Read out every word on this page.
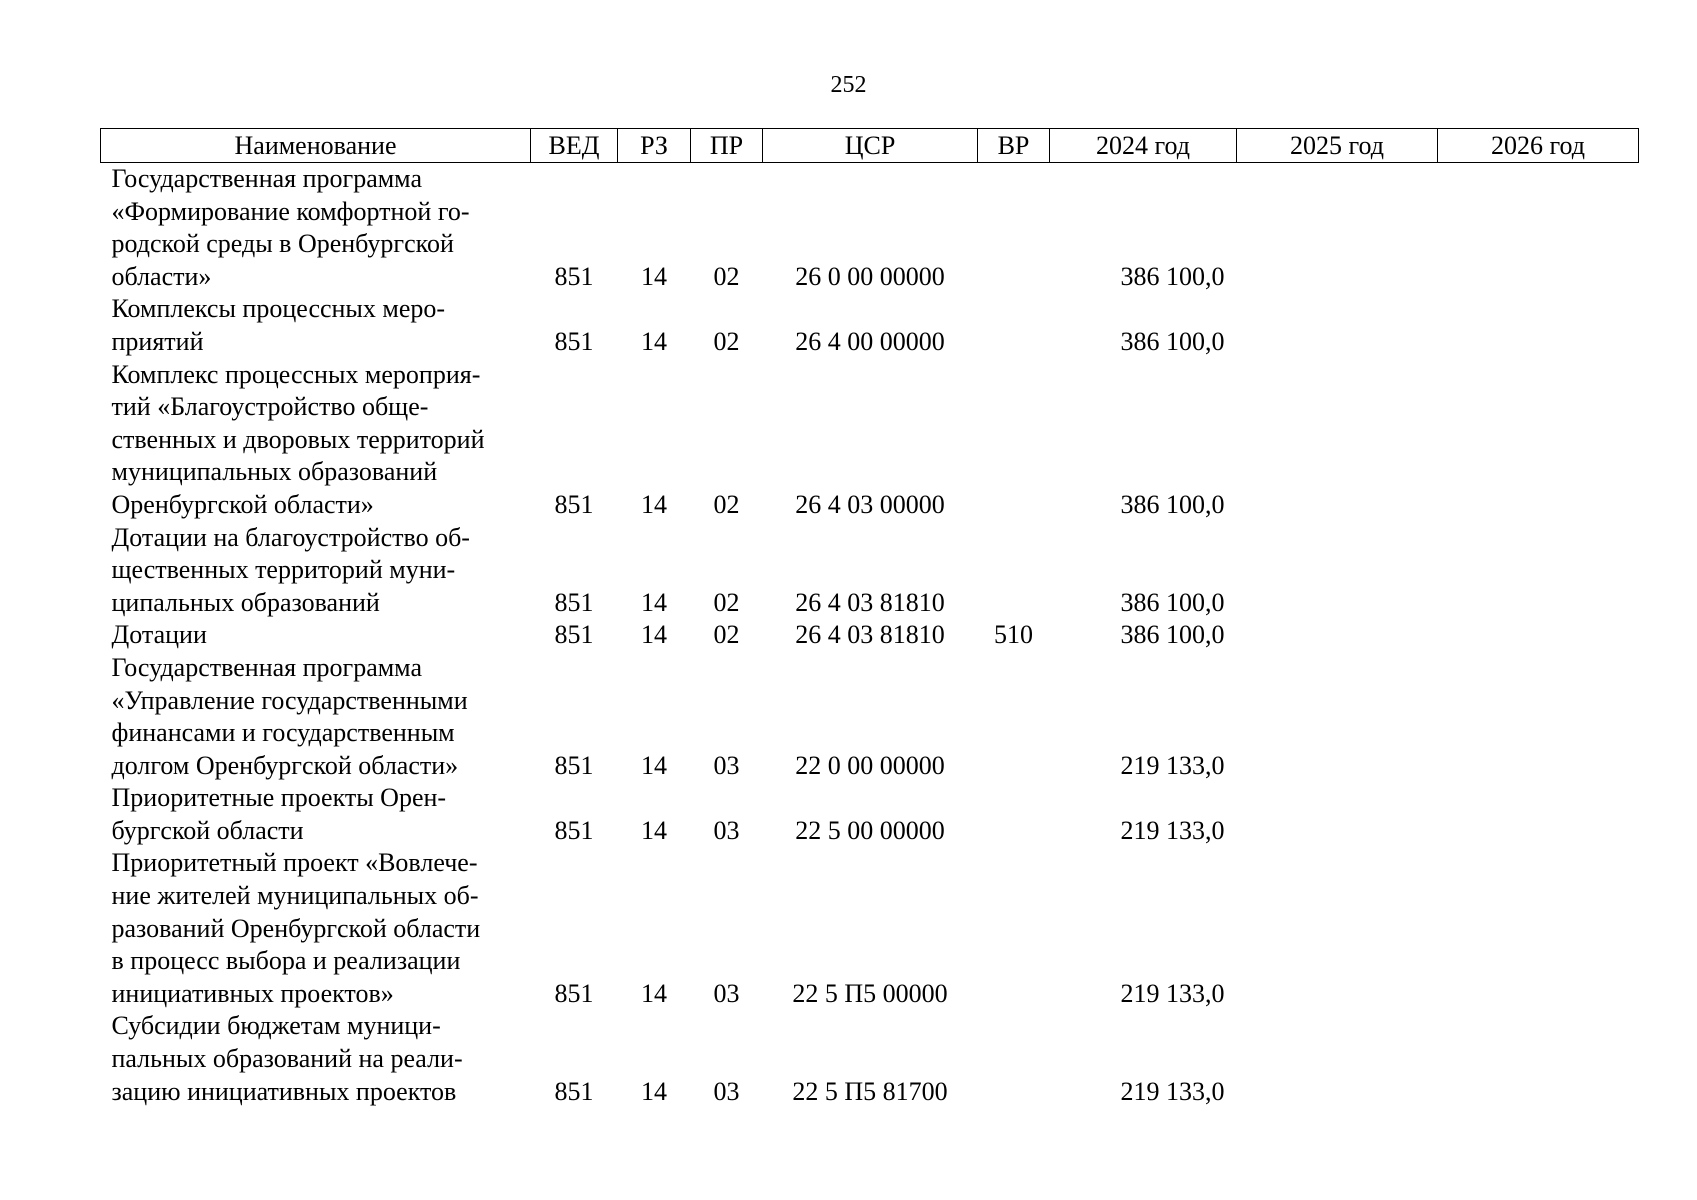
252
Наименование	ВЕД	РЗ	ПР	ЦСР	ВР	2024 год	2025 год	2026 год

Государственная программа
«Формирование комфортной го-
родской среды в Оренбургской
области»	851	14	02	26 0 00 00000		386 100,0		

Комплексы процессных меро-
приятий	851	14	02	26 4 00 00000		386 100,0		

Комплекс процессных мероприя-
тий «Благоустройство обще-
ственных и дворовых территорий
муниципальных образований
Оренбургской области»	851	14	02	26 4 03 00000		386 100,0		

Дотации на благоустройство об-
щественных территорий муни-
ципальных образований	851	14	02	26 4 03 81810		386 100,0		

Дотации	851	14	02	26 4 03 81810	510	386 100,0		

Государственная программа
«Управление государственными
финансами и государственным
долгом Оренбургской области»	851	14	03	22 0 00 00000		219 133,0		

Приоритетные проекты Орен-
бургской области	851	14	03	22 5 00 00000		219 133,0		

Приоритетный проект «Вовлече-
ние жителей муниципальных об-
разований Оренбургской области
в процесс выбора и реализации
инициативных проектов»	851	14	03	22 5 П5 00000		219 133,0		

Субсидии бюджетам муници-
пальных образований на реали-
зацию инициативных проектов	851	14	03	22 5 П5 81700		219 133,0		
